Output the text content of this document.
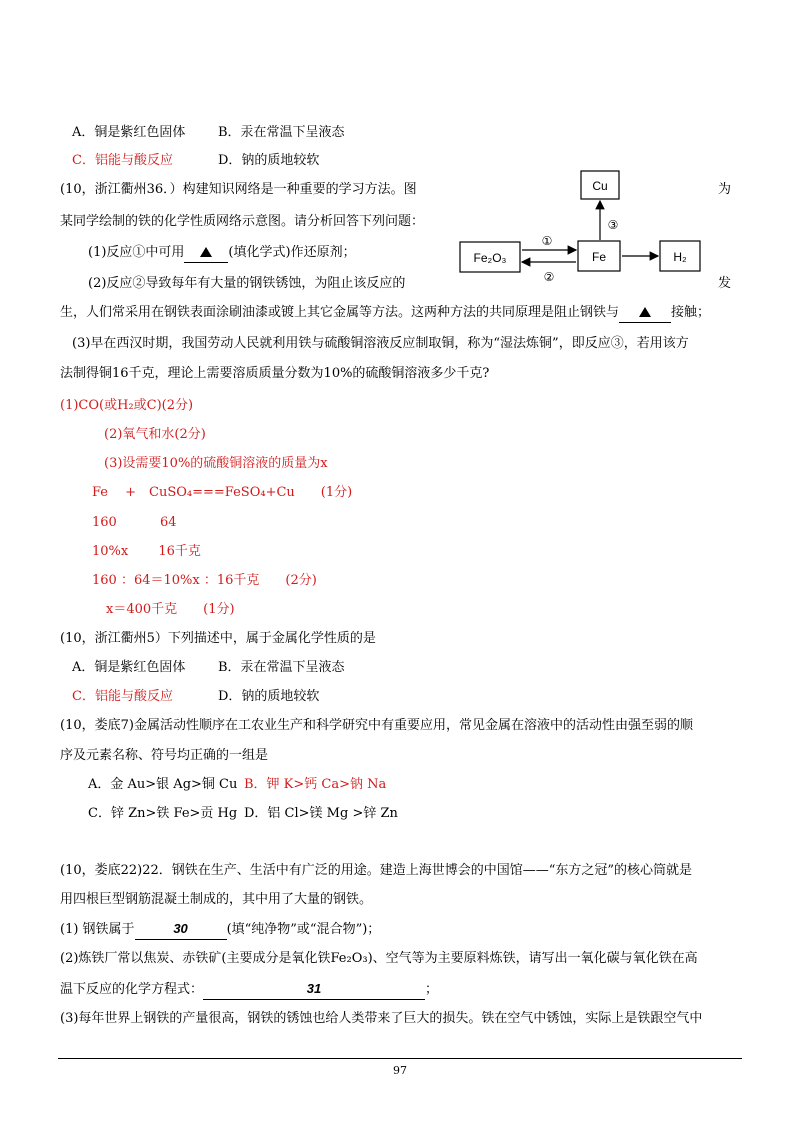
A．铜是紫红色固体	B．汞在常温下呈液态
C．铝能与酸反应	D．钠的质地较软
(10，浙江衢州36．）构建知识网络是一种重要的学习方法。图	为
某同学绘制的铁的化学性质网络示意图。请分析回答下列问题：
(1)反应①中可用	(填化学式)作还原剂；
(2)反应②导致每年有大量的钢铁锈蚀，为阻止该反应的	发
生，人们常采用在钢铁表面涂刷油漆或镀上其它金属等方法。这两种方法的共同原理是阻止钢铁与	接触；
(3)早在西汉时期，我国劳动人民就利用铁与硫酸铜溶液反应制取铜，称为“湿法炼铜”，即反应③，若用该方
法制得铜16千克，理论上需要溶质质量分数为10%的硫酸铜溶液多少千克?
Cu
③
Fe₂O₃	Fe	H₂
①
②
(1)CO(或H₂或C)(2分)
(2)氧气和水(2分)
(3)设需要10%的硫酸铜溶液的质量为x
Fe　 +　CuSO₄===FeSO₄+Cu　　(1分)
160　　　 64
10%x　　 16千克
160 ：64＝10%x ：16千克　　(2分)
x＝400千克　　(1分)
(10，浙江衢州5）下列描述中，属于金属化学性质的是
A．铜是紫红色固体	B．汞在常温下呈液态
C．铝能与酸反应	D．钠的质地较软
(10，娄底7)金属活动性顺序在工农业生产和科学研究中有重要应用，常见金属在溶液中的活动性由强至弱的顺
序及元素名称、符号均正确的一组是
A．金 Au>银 Ag>铜 Cu B．钾 K>钙 Ca>钠 Na
C．锌 Zn>铁 Fe>贡 Hg D．铝 Cl>镁 Mg >锌 Zn
(10，娄底22)22．钢铁在生产、生活中有广泛的用途。建造上海世博会的中国馆——“东方之冠”的核心筒就是
用四根巨型钢筋混凝土制成的，其中用了大量的钢铁。
(1) 钢铁属于	30	(填“纯净物”或“混合物”)；
(2)炼铁厂常以焦炭、赤铁矿(主要成分是氧化铁Fe₂O₃)、空气等为主要原料炼铁，请写出一氧化碳与氧化铁在高
温下反应的化学方程式：	31	；
(3)每年世界上钢铁的产量很高，钢铁的锈蚀也给人类带来了巨大的损失。铁在空气中锈蚀，实际上是铁跟空气中
97
